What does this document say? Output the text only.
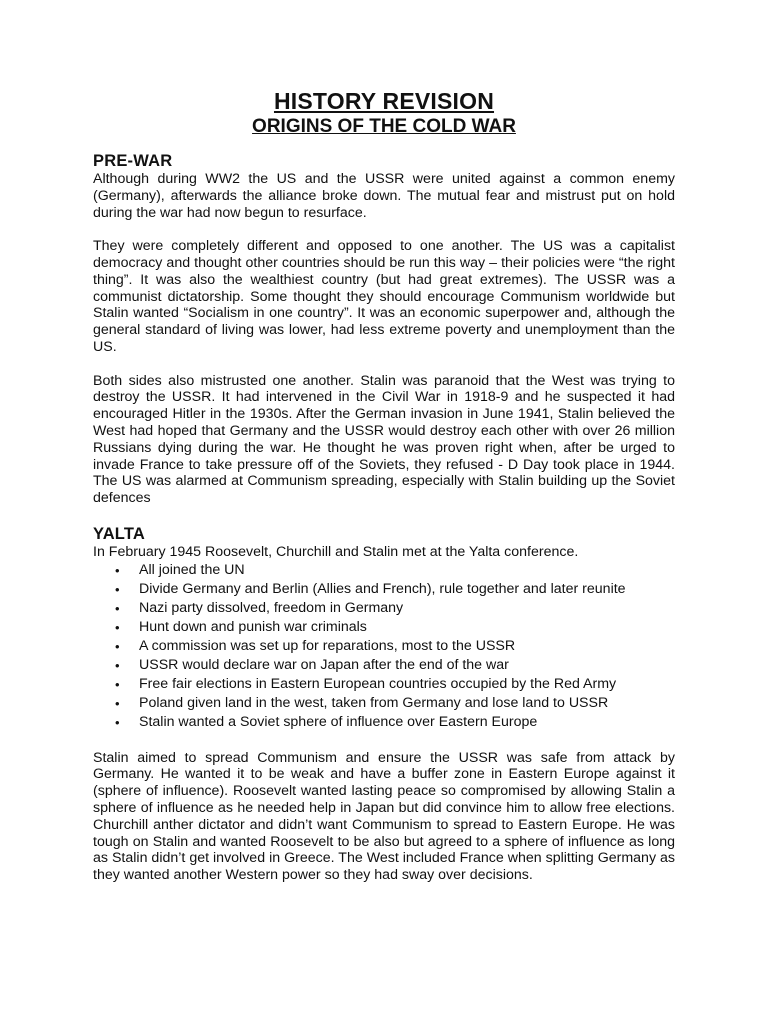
HISTORY REVISION
ORIGINS OF THE COLD WAR
PRE-WAR

Although during WW2 the US and the USSR were united against a common enemy (Germany), afterwards the alliance broke down. The mutual fear and mistrust put on hold during the war had now begun to resurface.

They were completely different and opposed to one another. The US was a capitalist democracy and thought other countries should be run this way – their policies were “the right thing”. It was also the wealthiest country (but had great extremes). The USSR was a communist dictatorship. Some thought they should encourage Communism worldwide but Stalin wanted “Socialism in one country”. It was an economic superpower and, although the general standard of living was lower, had less extreme poverty and unemployment than the US.

Both sides also mistrusted one another. Stalin was paranoid that the West was trying to destroy the USSR. It had intervened in the Civil War in 1918-9 and he suspected it had encouraged Hitler in the 1930s. After the German invasion in June 1941, Stalin believed the West had hoped that Germany and the USSR would destroy each other with over 26 million Russians dying during the war. He thought he was proven right when, after be urged to invade France to take pressure off of the Soviets, they refused - D Day took place in 1944. The US was alarmed at Communism spreading, especially with Stalin building up the Soviet defences

YALTA

In February 1945 Roosevelt, Churchill and Stalin met at the Yalta conference.

• All joined the UN
• Divide Germany and Berlin (Allies and French), rule together and later reunite
• Nazi party dissolved, freedom in Germany
• Hunt down and punish war criminals
• A commission was set up for reparations, most to the USSR
• USSR would declare war on Japan after the end of the war
• Free fair elections in Eastern European countries occupied by the Red Army
• Poland given land in the west, taken from Germany and lose land to USSR
• Stalin wanted a Soviet sphere of influence over Eastern Europe

Stalin aimed to spread Communism and ensure the USSR was safe from attack by Germany. He wanted it to be weak and have a buffer zone in Eastern Europe against it (sphere of influence). Roosevelt wanted lasting peace so compromised by allowing Stalin a sphere of influence as he needed help in Japan but did convince him to allow free elections. Churchill anther dictator and didn’t want Communism to spread to Eastern Europe. He was tough on Stalin and wanted Roosevelt to be also but agreed to a sphere of influence as long as Stalin didn’t get involved in Greece. The West included France when splitting Germany as they wanted another Western power so they had sway over decisions.
